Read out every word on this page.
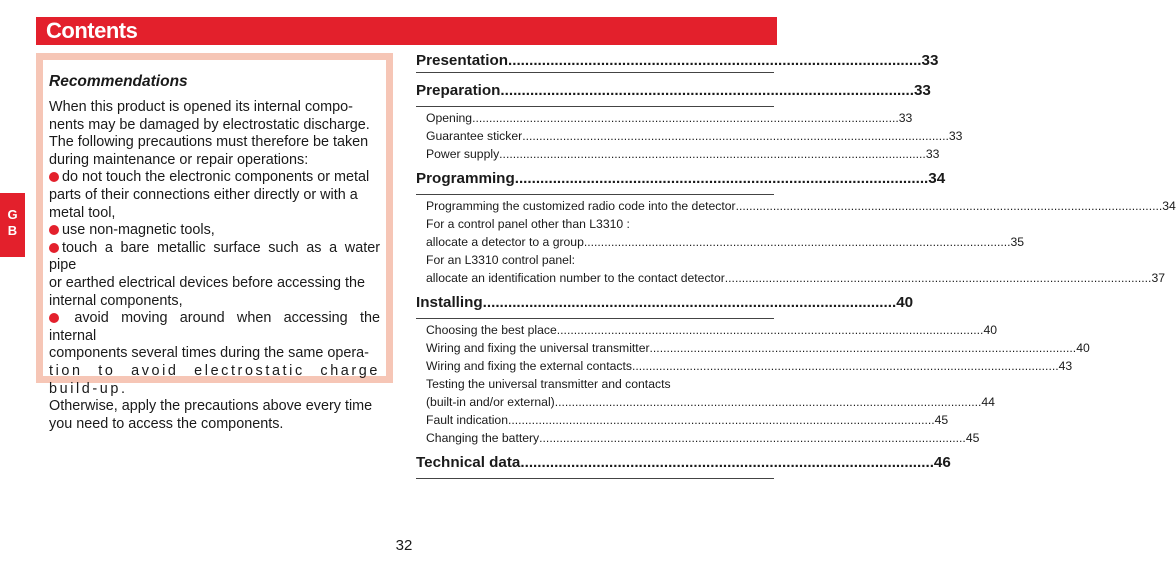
Contents
G
B

Recommendations

When this product is opened its internal compo-
nents may be damaged by electrostatic discharge.
The following precautions must therefore be taken
during maintenance or repair operations:
do not touch the electronic components or metal
parts of their connections either directly or with a
metal tool,
use non-magnetic tools,
touch a bare metallic surface such as a water pipe
or earthed electrical devices before accessing the
internal components,
avoid moving around when accessing the internal
components several times during the same opera-
tion to avoid electrostatic charge build-up.
Otherwise, apply the precautions above every time
you need to access the components.

Presentation .................................................................................................. 33
Preparation .................................................................................................. 33
Opening .............................................................................................................................. 33
Guarantee sticker .............................................................................................................................. 33
Power supply .............................................................................................................................. 33
Programming .................................................................................................. 34
Programming the customized radio code into the detector .............................................................................................................................. 34
For a control panel other than L3310 :
allocate a detector to a group .............................................................................................................................. 35
For an L3310 control panel:
allocate an identification number to the contact detector .............................................................................................................................. 37
Installing .................................................................................................. 40
Choosing the best place .............................................................................................................................. 40
Wiring and fixing the universal transmitter .............................................................................................................................. 40
Wiring and fixing the external contacts .............................................................................................................................. 43
Testing the universal transmitter and contacts
(built-in and/or external) .............................................................................................................................. 44
Fault indication .............................................................................................................................. 45
Changing the battery .............................................................................................................................. 45
Technical data .................................................................................................. 46
32
